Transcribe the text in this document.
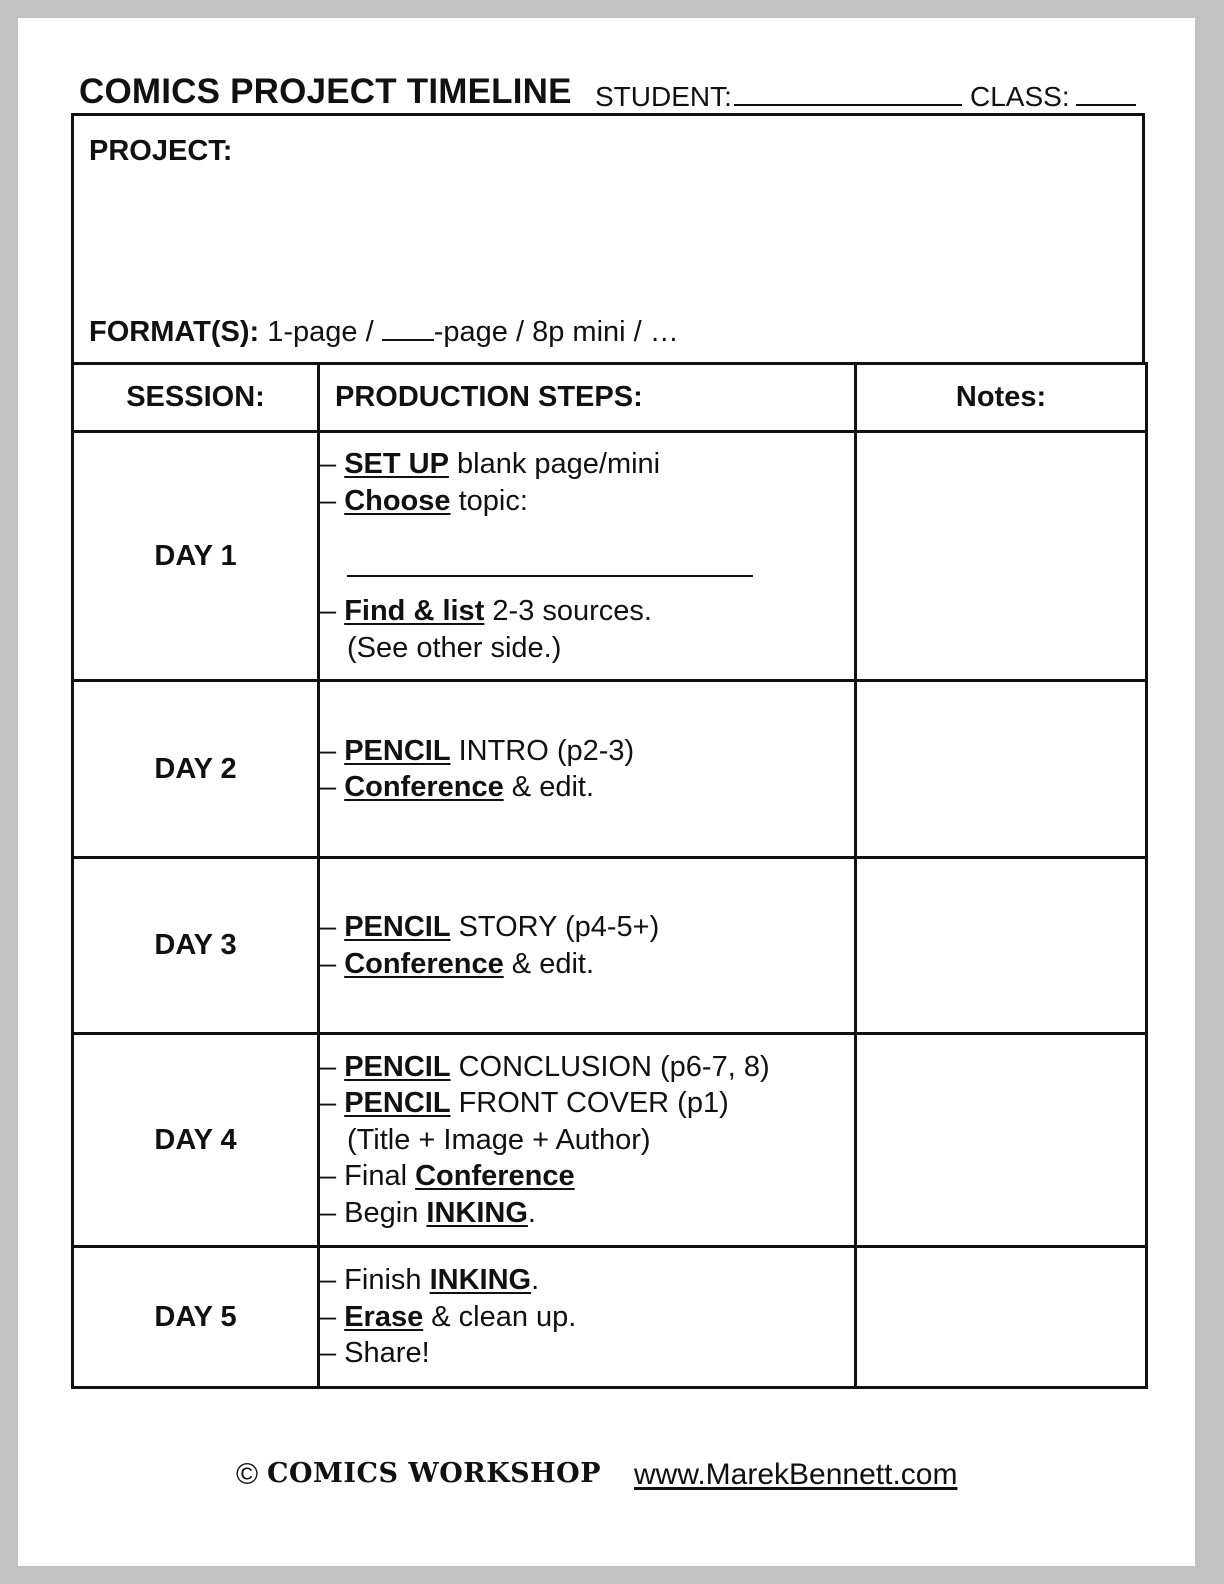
COMICS PROJECT TIMELINE STUDENT:	CLASS:
PROJECT:
FORMAT(S): 1-page / -page / 8p mini / …
SESSION:	PRODUCTION STEPS:	Notes:
DAY 1	– SET UP blank page/mini
– Choose topic:
– Find & list 2-3 sources.
(See other side.)	

DAY 2	– PENCIL INTRO (p2-3)
– Conference & edit.	

DAY 3	– PENCIL STORY (p4-5+)
– Conference & edit.	

DAY 4	– PENCIL CONCLUSION (p6-7, 8)
– PENCIL FRONT COVER (p1)
(Title + Image + Author)
– Final Conference
– Begin INKING.	

DAY 5	– Finish INKING.
– Erase & clean up.
– Share!	

© COMICS WORKSHOP www.MarekBennett.com
